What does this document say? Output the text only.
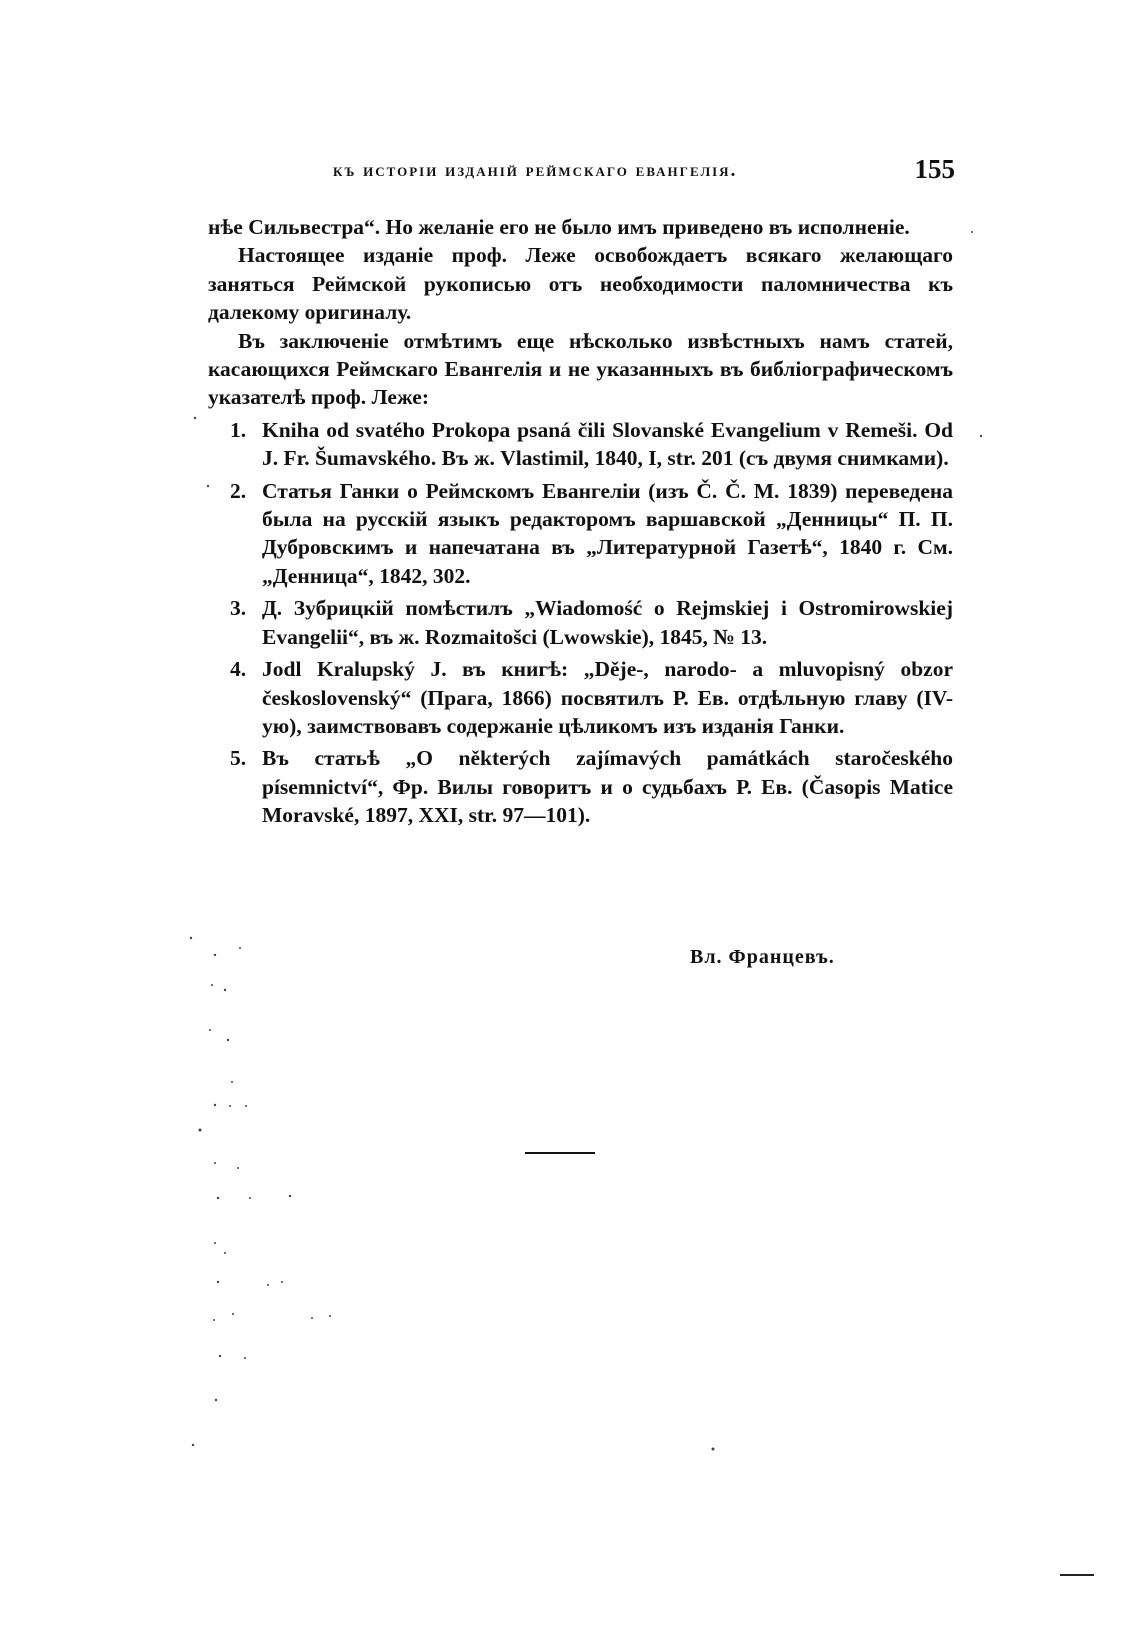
къ исторіи изданій реймскаго евангелія.	155

нѣе Сильвестра“. Но желаніе его не было имъ приведено въ исполненіе.

Настоящее изданіе проф. Леже освобождаетъ всякаго желающаго заняться Реймской рукописью отъ необходимости паломничества къ далекому оригиналу.

Въ заключеніе отмѣтимъ еще нѣсколько извѣстныхъ намъ статей, касающихся Реймскаго Евангелія и не указанныхъ въ библіографическомъ указателѣ проф. Леже:

1. Kniha od svatého Prokopa psaná čili Slovanské Evangelium v Remeši. Od J. Fr. Šumavského. Въ ж. Vlastimil, 1840, I, str. 201 (съ двумя снимками).
2. Статья Ганки о Реймскомъ Евангеліи (изъ Č. Č. M. 1839) переведена была на русскій языкъ редакторомъ варшавской „Денницы“ П. П. Дубровскимъ и напечатана въ „Литературной Газетѣ“, 1840 г. См. „Денница“, 1842, 302.
3. Д. Зубрицкій помѣстилъ „Wiadomość o Rejmskiej i Ostromirowskiej Evangelii“, въ ж. Rozmaitošci (Lwowskie), 1845, № 13.
4. Jodl Kralupský J. въ книгѣ: „Děje-, narodo- a mluvopisný obzor československý“ (Прага, 1866) посвятилъ Р. Ев. отдѣльную главу (IV-ую), заимствовавъ содержаніе цѣликомъ изъ изданія Ганки.
5. Въ статьѣ „O některých zajímavých památkách staročeského písemnictví“, Фр. Вилы говоритъ и о судьбахъ Р. Ев. (Časopis Matice Moravské, 1897, XXI, str. 97—101).
Вл. Францевъ.
